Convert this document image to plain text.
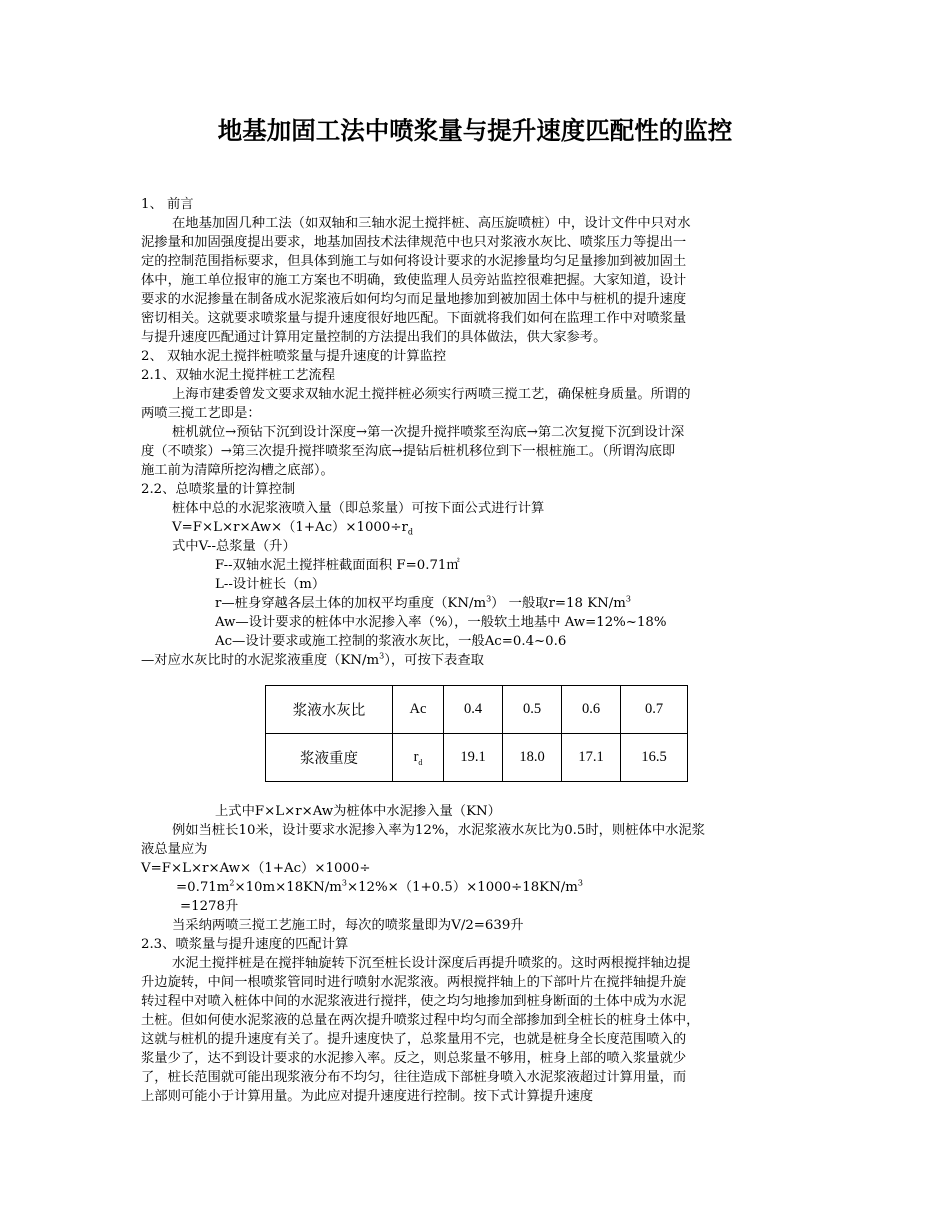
地基加固工法中喷浆量与提升速度匹配性的监控
1、 前言
在地基加固几种工法（如双轴和三轴水泥土搅拌桩、高压旋喷桩）中，设计文件中只对水
泥掺量和加固强度提出要求，地基加固技术法律规范中也只对浆液水灰比、喷浆压力等提出一
定的控制范围指标要求，但具体到施工与如何将设计要求的水泥掺量均匀足量掺加到被加固土
体中，施工单位报审的施工方案也不明确，致使监理人员旁站监控很难把握。大家知道，设计
要求的水泥掺量在制备成水泥浆液后如何均匀而足量地掺加到被加固土体中与桩机的提升速度
密切相关。这就要求喷浆量与提升速度很好地匹配。下面就将我们如何在监理工作中对喷浆量
与提升速度匹配通过计算用定量控制的方法提出我们的具体做法，供大家参考。
2、 双轴水泥土搅拌桩喷浆量与提升速度的计算监控
2.1、双轴水泥土搅拌桩工艺流程
上海市建委曾发文要求双轴水泥土搅拌桩必须实行两喷三搅工艺，确保桩身质量。所谓的
两喷三搅工艺即是：
桩机就位→预钻下沉到设计深度→第一次提升搅拌喷浆至沟底→第二次复搅下沉到设计深
度（不喷浆）→第三次提升搅拌喷浆至沟底→提钻后桩机移位到下一根桩施工。（所谓沟底即
施工前为清障所挖沟槽之底部）。
2.2、总喷浆量的计算控制
桩体中总的水泥浆液喷入量（即总浆量）可按下面公式进行计算
$V=F\times L\times r\times Aw\times(1+Ac)\times 1000\div r_d$
式中V--总浆量（升）
F--双轴水泥土搅拌桩截面面积 F=0.71㎡
L--设计桩长（m）
r—桩身穿越各层土体的加权平均重度$(KN/m^3)$ 一般取r=18 $KN/m^3$
Aw—设计要求的桩体中水泥掺入率（%），一般软土地基中 Aw=12%~18%
Ac—设计要求或施工控制的浆液水灰比，一般Ac=0.4~0.6
—对应水灰比时的水泥浆液重度$(KN/m^3)$，可按下表查取
浆液水灰比	Ac	0.4	0.5	0.6	0.7
浆液重度	$r_d$	19.1	18.0	17.1	16.5
上式中F×L×r×Aw为桩体中水泥掺入量（KN）
例如当桩长10米，设计要求水泥掺入率为12%，水泥浆液水灰比为0.5时，则桩体中水泥浆
液总量应为
V=F×L×r×Aw×（1+Ac）×1000÷
$=0.71m^2\times 10m\times 18KN/m^3\times 12\%\times(1+0.5)\times 1000\div 18KN/m^3$
=1278升
当采纳两喷三搅工艺施工时，每次的喷浆量即为V/2=639升
2.3、喷浆量与提升速度的匹配计算
水泥土搅拌桩是在搅拌轴旋转下沉至桩长设计深度后再提升喷浆的。这时两根搅拌轴边提
升边旋转，中间一根喷浆管同时进行喷射水泥浆液。两根搅拌轴上的下部叶片在搅拌轴提升旋
转过程中对喷入桩体中间的水泥浆液进行搅拌，使之均匀地掺加到桩身断面的土体中成为水泥
土桩。但如何使水泥浆液的总量在两次提升喷浆过程中均匀而全部掺加到全桩长的桩身土体中，
这就与桩机的提升速度有关了。提升速度快了，总浆量用不完，也就是桩身全长度范围喷入的
浆量少了，达不到设计要求的水泥掺入率。反之，则总浆量不够用，桩身上部的喷入浆量就少
了，桩长范围就可能出现浆液分布不均匀，往往造成下部桩身喷入水泥浆液超过计算用量，而
上部则可能小于计算用量。为此应对提升速度进行控制。按下式计算提升速度
